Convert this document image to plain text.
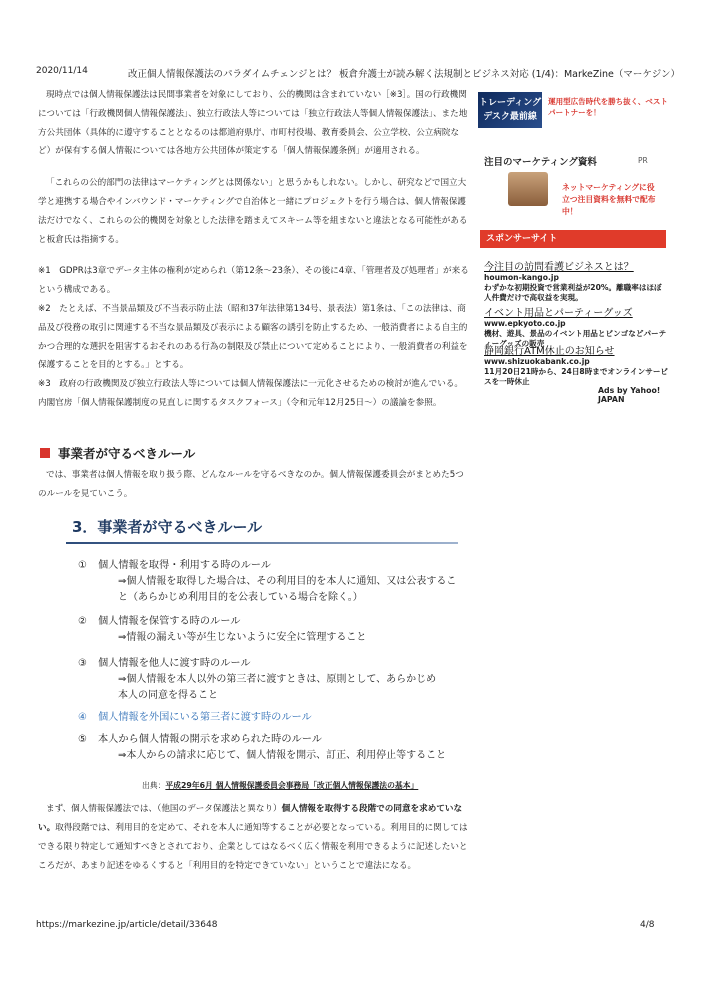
2020/11/14	改正個人情報保護法のパラダイムチェンジとは？ 板倉弁護士が読み解く法規制とビジネス対応 (1/4)：MarkeZine（マーケジン）

現時点では個人情報保護法は民間事業者を対象にしており、公的機関は含まれていない［※3］。国の行政機関については「行政機関個人情報保護法」、独立行政法人等については「独立行政法人等個人情報保護法」、また地方公共団体（具体的に遵守することとなるのは都道府県庁、市町村役場、教育委員会、公立学校、公立病院など）が保有する個人情報については各地方公共団体が策定する「個人情報保護条例」が適用される。

「これらの公的部門の法律はマーケティングとは関係ない」と思うかもしれない。しかし、研究などで国立大学と連携する場合やインバウンド・マーケティングで自治体と一緒にプロジェクトを行う場合は、個人情報保護法だけでなく、これらの公的機関を対象とした法律を踏まえてスキーム等を組まないと違法となる可能性があると板倉氏は指摘する。

※1　GDPRは3章でデータ主体の権利が定められ（第12条〜23条）、その後に4章、「管理者及び処理者」が来るという構成である。

※2　たとえば、不当景品類及び不当表示防止法（昭和37年法律第134号、景表法）第1条は、「この法律は、商品及び役務の取引に関連する不当な景品類及び表示による顧客の誘引を防止するため、一般消費者による自主的かつ合理的な選択を阻害するおそれのある行為の制限及び禁止について定めることにより、一般消費者の利益を保護することを目的とする。」とする。

※3　政府の行政機関及び独立行政法人等については個人情報保護法に一元化させるための検討が進んでいる。内閣官房「個人情報保護制度の見直しに関するタスクフォース」（令和元年12月25日〜）の議論を参照。

事業者が守るべきルール

では、事業者は個人情報を取り扱う際、どんなルールを守るべきなのか。個人情報保護委員会がまとめた5つのルールを見ていこう。

3．事業者が守るべきルール
① 個人情報を取得・利用する時のルール
⇒個人情報を取得した場合は、その利用目的を本人に通知、又は公表すること（あらかじめ利用目的を公表している場合を除く。）
② 個人情報を保管する時のルール
⇒情報の漏えい等が生じないように安全に管理すること
③ 個人情報を他人に渡す時のルール
⇒個人情報を本人以外の第三者に渡すときは、原則として、あらかじめ本人の同意を得ること
④ 個人情報を外国にいる第三者に渡す時のルール
⑤ 本人から個人情報の開示を求められた時のルール
⇒本人からの請求に応じて、個人情報を開示、訂正、利用停止等すること
出典：平成29年6月 個人情報保護委員会事務局「改正個人情報保護法の基本」

まず、個人情報保護法では、（他国のデータ保護法と異なり）個人情報を取得する段階での同意を求めていない。取得段階では、利用目的を定めて、それを本人に通知等することが必要となっている。利用目的に関してはできる限り特定して通知すべきとされており、企業としてはなるべく広く情報を利用できるように記述したいところだが、あまり記述をゆるくすると「利用目的を特定できていない」ということで違法になる。

https://markezine.jp/article/detail/33648	4/8
トレーディングデスク最前線
運用型広告時代を勝ち抜く、ベストパートナーを！
注目のマーケティング資料	PR
ネットマーケティングに役立つ注目資料を無料で配布中！
スポンサーサイト
今注目の訪問看護ビジネスとは？
houmon-kango.jp
わずかな初期投資で営業利益が20%。離職率はほぼ人件費だけで高収益を実現。
イベント用品とパーティーグッズ
www.epkyoto.co.jp
機材、遊具、景品のイベント用品とビンゴなどパーティーグッズの販売
静岡銀行ATM休止のお知らせ
www.shizuokabank.co.jp
11月20日21時から、24日8時までオンラインサービスを一時休止
Ads by Yahoo! JAPAN
